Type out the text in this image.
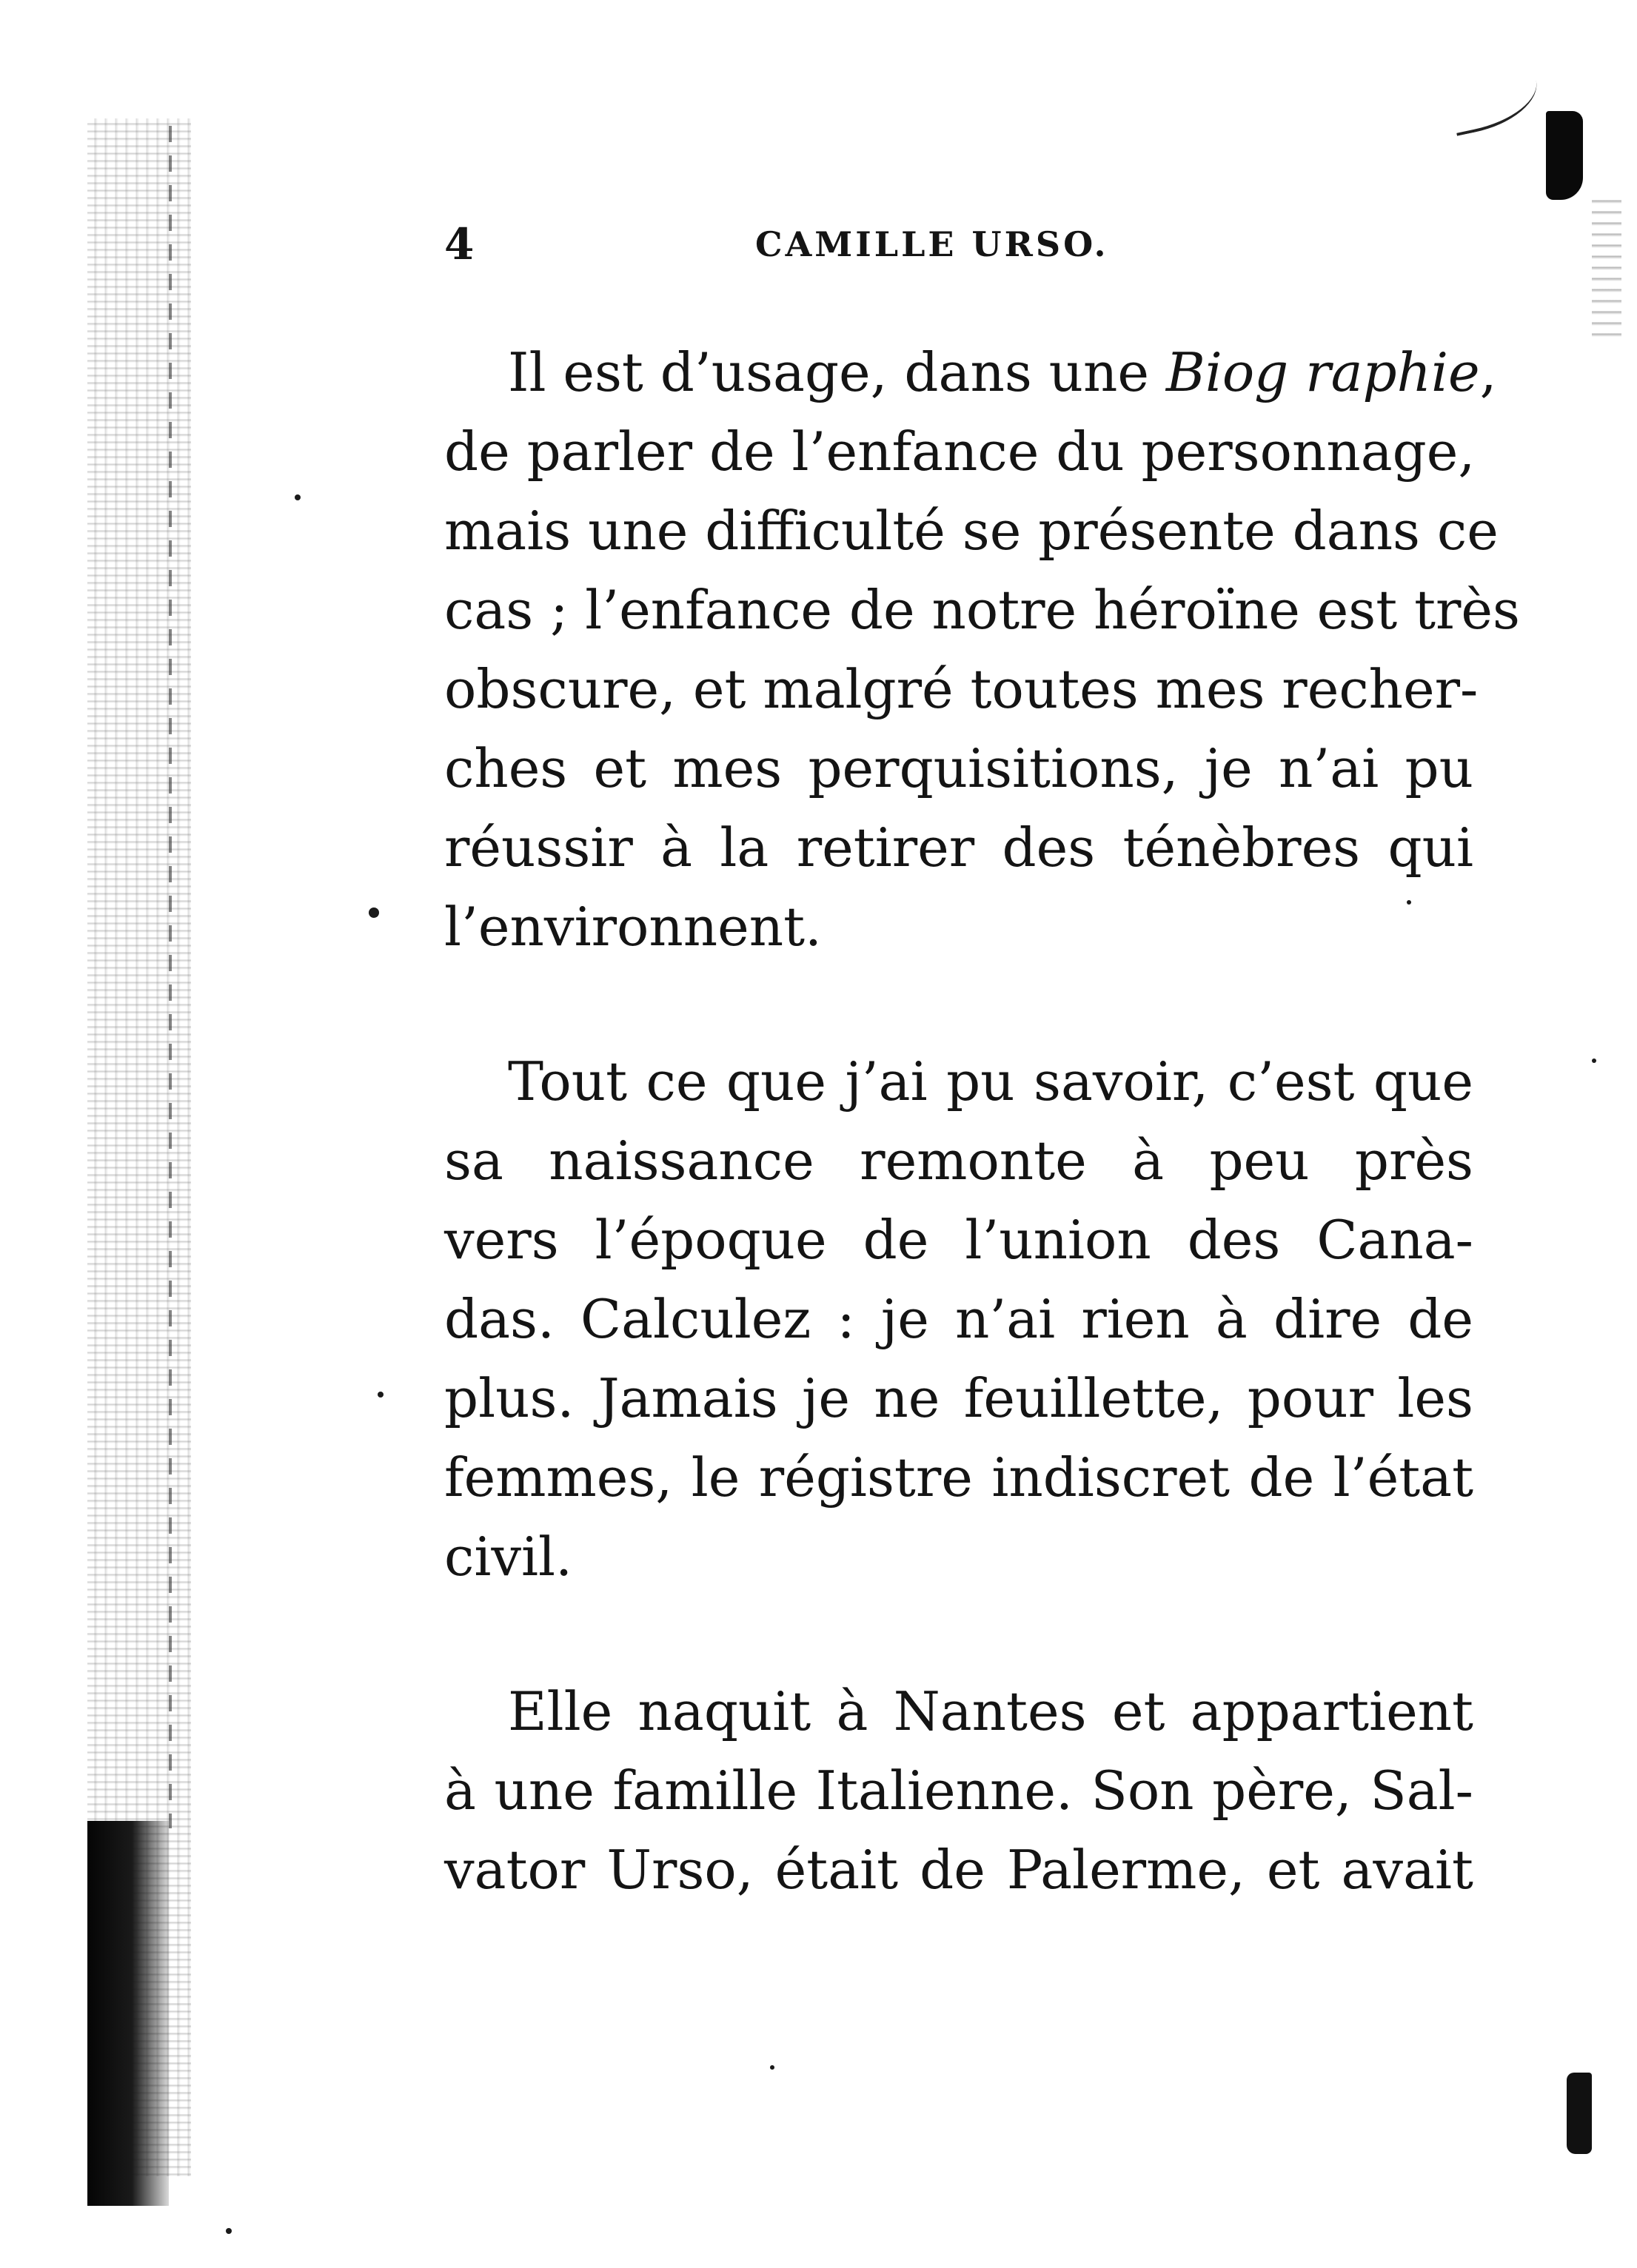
4	CAMILLE URSO.
Il est d’usage, dans une Biog raphie,
de parler de l’enfance du personnage,
mais une difficulté se présente dans ce
cas ; l’enfance de notre héroïne est très
obscure, et malgré toutes mes recher-
ches et mes perquisitions, je n’ai pu
réussir à la retirer des ténèbres qui
l’environnent.
Tout ce que j’ai pu savoir, c’est que
sa naissance remonte à peu près
vers l’époque de l’union des Cana-
das. Calculez : je n’ai rien à dire de
plus. Jamais je ne feuillette, pour les
femmes, le régistre indiscret de l’état
civil.
Elle naquit à Nantes et appartient
à une famille Italienne. Son père, Sal-
vator Urso, était de Palerme, et avait
